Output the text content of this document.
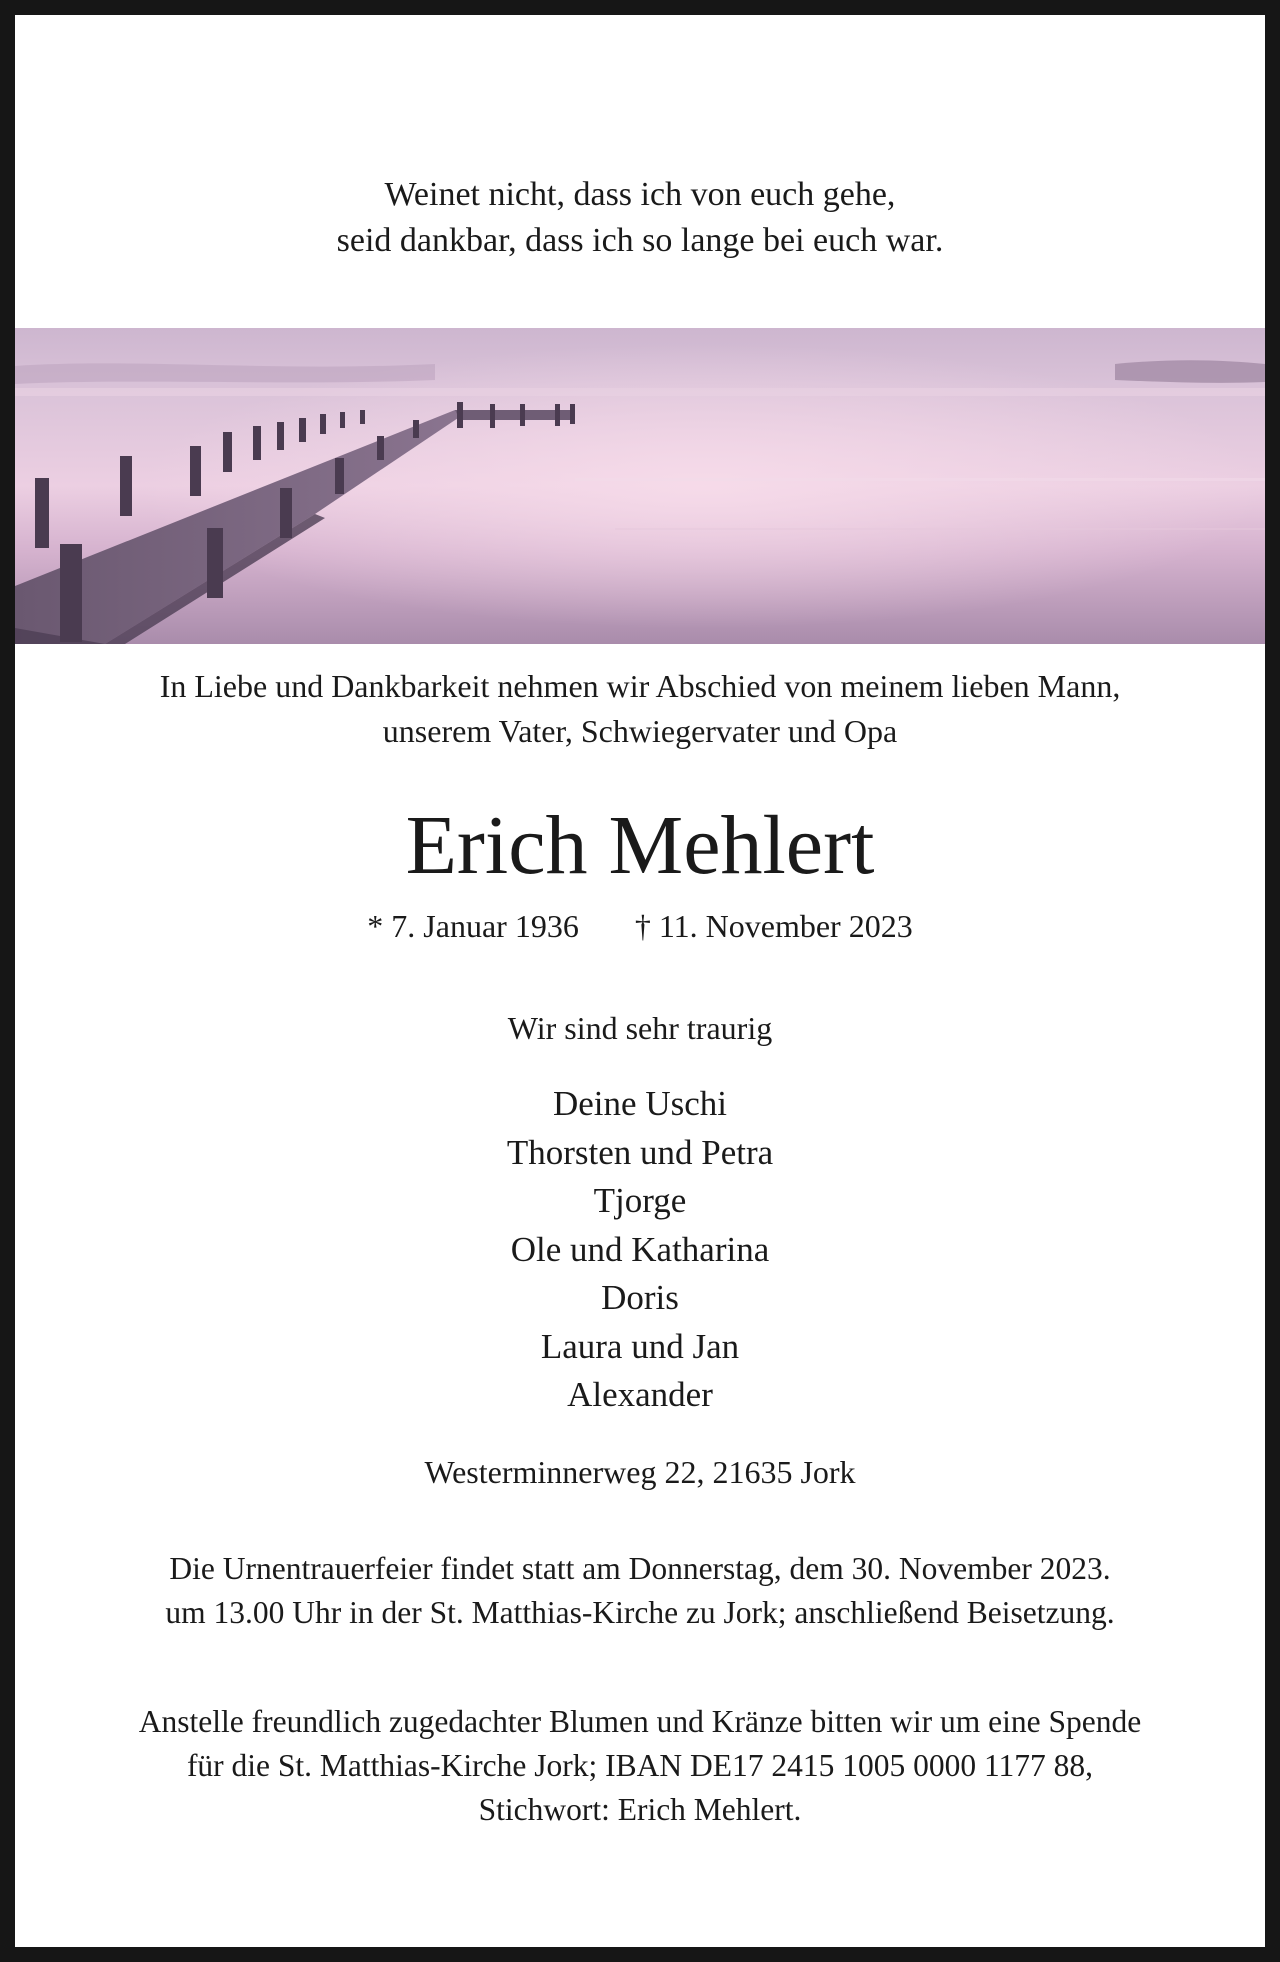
Weinet nicht, dass ich von euch gehe,
seid dankbar, dass ich so lange bei euch war.
In Liebe und Dankbarkeit nehmen wir Abschied von meinem lieben Mann,
unserem Vater, Schwiegervater und Opa
Erich Mehlert
* 7. Januar 1936 † 11. November 2023
Wir sind sehr traurig
Deine Uschi
Thorsten und Petra
Tjorge
Ole und Katharina
Doris
Laura und Jan
Alexander
Westerminnerweg 22, 21635 Jork
Die Urnentrauerfeier findet statt am Donnerstag, dem 30. November 2023.
um 13.00 Uhr in der St. Matthias-Kirche zu Jork; anschließend Beisetzung.
Anstelle freundlich zugedachter Blumen und Kränze bitten wir um eine Spende
für die St. Matthias-Kirche Jork; IBAN DE17 2415 1005 0000 1177 88,
Stichwort: Erich Mehlert.
